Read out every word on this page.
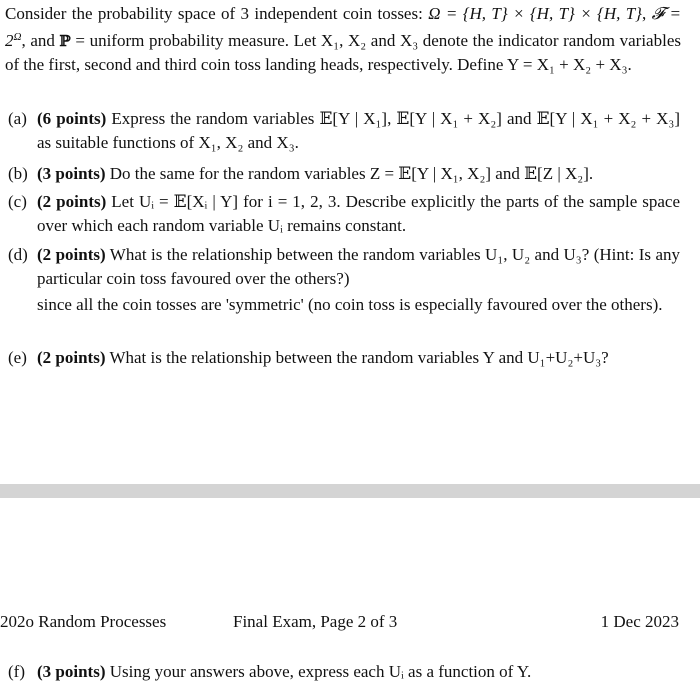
Consider the probability space of 3 independent coin tosses: Ω = {H, T} × {H, T} × {H, T}, 𝓕 = $2^\Omega$, and ℙ = uniform probability measure. Let X₁, X₂ and X₃ denote the indicator random variables of the first, second and third coin toss landing heads, respectively. Define Y = X₁ + X₂ + X₃.
(a) (6 points) Express the random variables 𝔼[Y | X₁], 𝔼[Y | X₁ + X₂] and 𝔼[Y | X₁ + X₂ + X₃] as suitable functions of X₁, X₂ and X₃.
(b) (3 points) Do the same for the random variables Z = 𝔼[Y | X₁, X₂] and 𝔼[Z | X₂].
(c) (2 points) Let Uᵢ = 𝔼[Xᵢ | Y] for i = 1, 2, 3. Describe explicitly the parts of the sample space over which each random variable Uᵢ remains constant.
(d) (2 points) What is the relationship between the random variables U₁, U₂ and U₃? (Hint: Is any particular coin toss favoured over the others?)
since all the coin tosses are 'symmetric' (no coin toss is especially favoured over the others).
(e) (2 points) What is the relationship between the random variables Y and U₁+U₂+U₃?
202o Random Processes	Final Exam, Page 2 of 3	1 Dec 2023
(f) (3 points) Using your answers above, express each Uᵢ as a function of Y.
